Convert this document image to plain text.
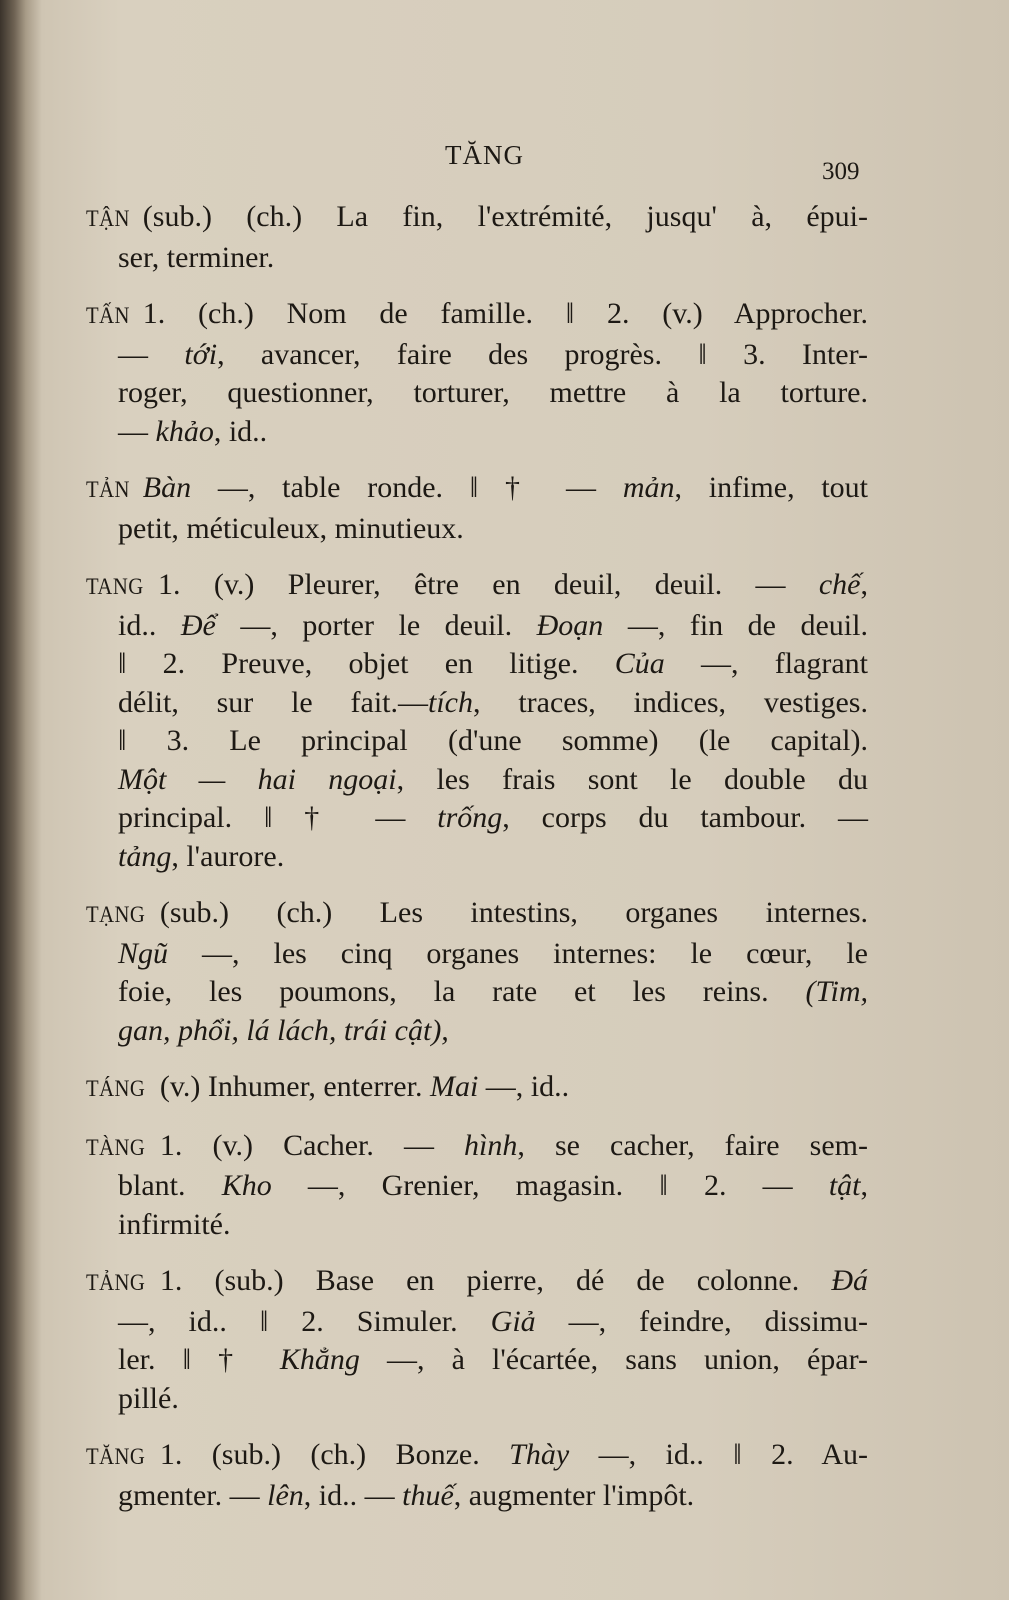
TĂNG
309
TẬN (sub.) (ch.) La fin, l'extrémité, jusqu' à, épui-
ser, terminer.
TẤN 1. (ch.) Nom de famille. ‖ 2. (v.) Approcher.
— tới, avancer, faire des progrès. ‖ 3. Inter-
roger, questionner, torturer, mettre à la torture.
— khảo, id..
TẢN Bàn —, table ronde. ‖ † — mản, infime, tout
petit, méticuleux, minutieux.
TANG 1. (v.) Pleurer, être en deuil, deuil. — chế,
id.. Để —, porter le deuil. Đoạn —, fin de deuil.
‖ 2. Preuve, objet en litige. Của —, flagrant
délit, sur le fait.—tích, traces, indices, vestiges.
‖ 3. Le principal (d'une somme) (le capital).
Một — hai ngoại, les frais sont le double du
principal. ‖ † — trống, corps du tambour. —
tảng, l'aurore.
TẠNG (sub.) (ch.) Les intestins, organes internes.
Ngũ —, les cinq organes internes: le cœur, le
foie, les poumons, la rate et les reins. (Tim,
gan, phổi, lá lách, trái cật),
TÁNG (v.) Inhumer, enterrer. Mai —, id..
TÀNG 1. (v.) Cacher. — hình, se cacher, faire sem-
blant. Kho —, Grenier, magasin. ‖ 2. — tật,
infirmité.
TẢNG 1. (sub.) Base en pierre, dé de colonne. Đá
—, id.. ‖ 2. Simuler. Giả —, feindre, dissimu-
ler. ‖ † Khẳng —, à l'écartée, sans union, épar-
pillé.
TĂNG 1. (sub.) (ch.) Bonze. Thày —, id.. ‖ 2. Au-
gmenter. — lên, id.. — thuế, augmenter l'impôt.
